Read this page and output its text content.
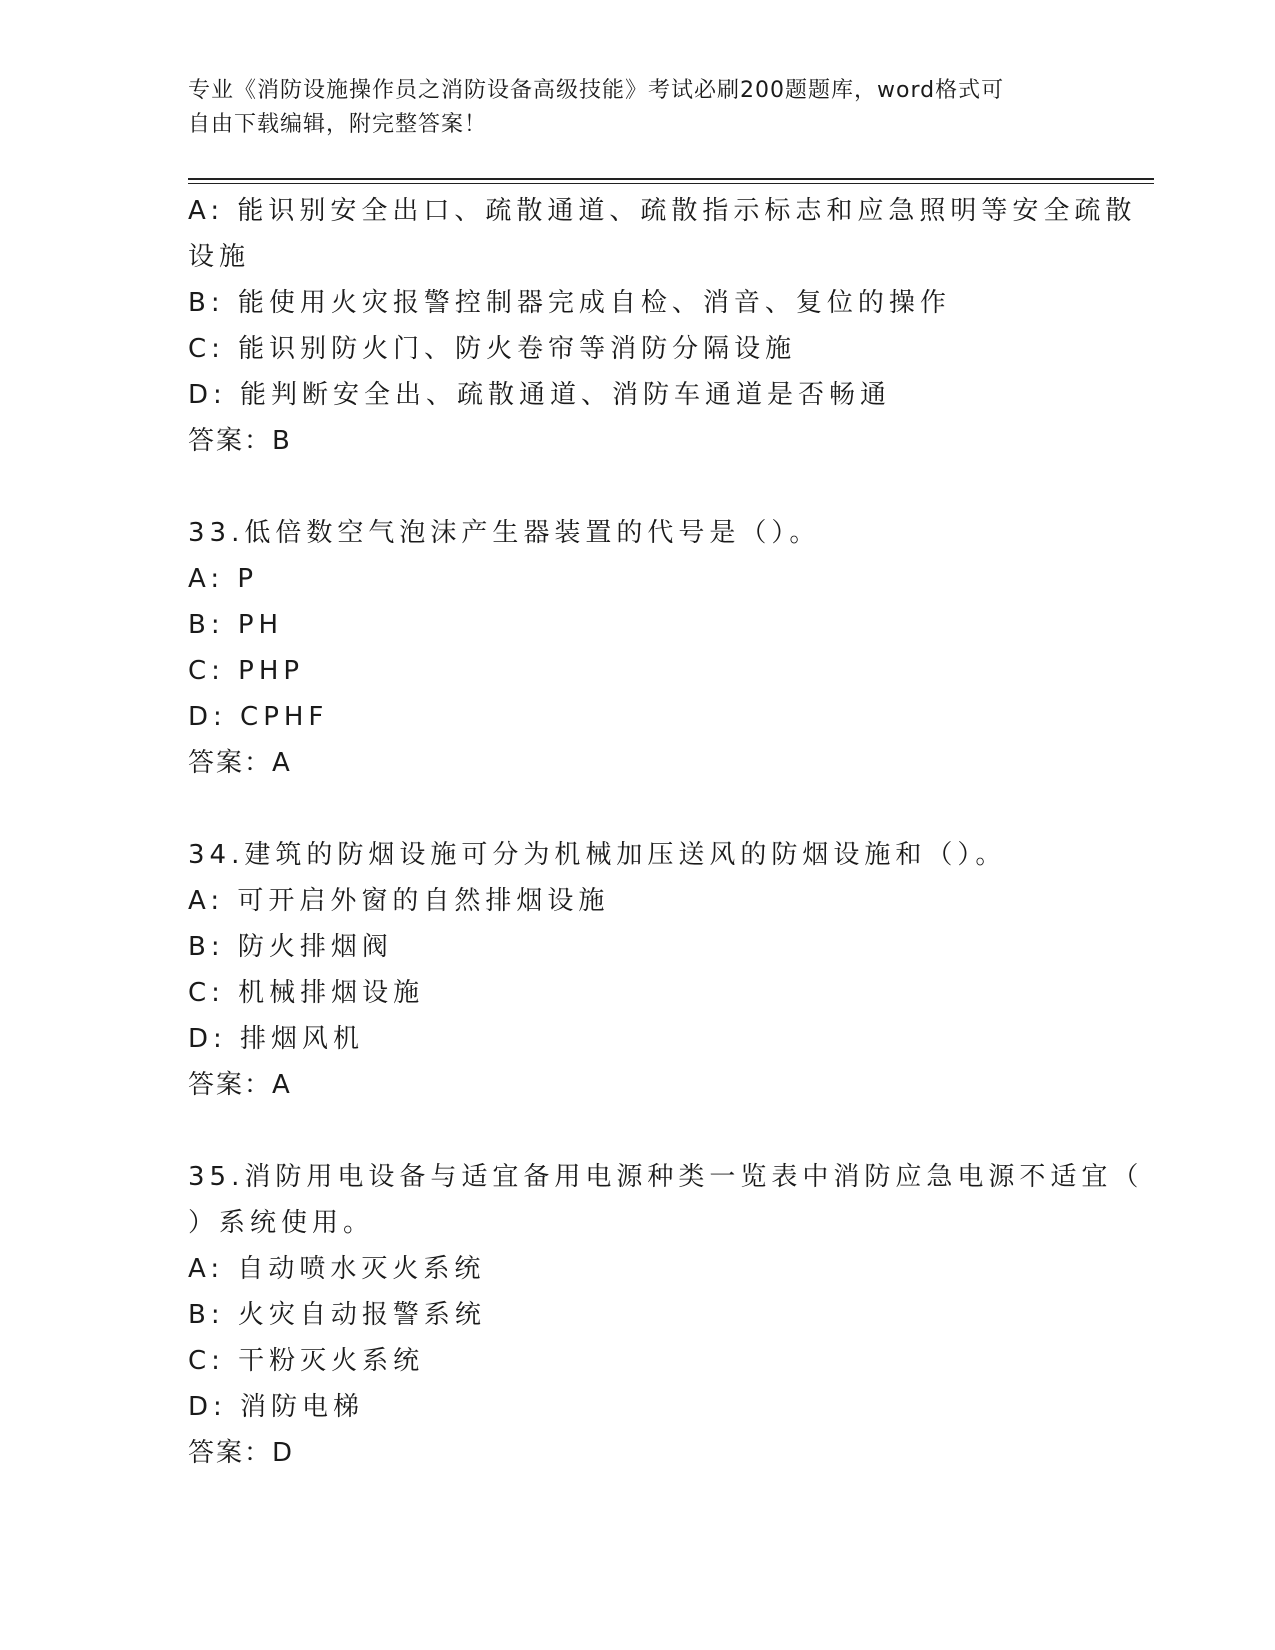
专业《消防设施操作员之消防设备高级技能》考试必刷200题题库，word格式可
自由下载编辑，附完整答案！
A: 能识别安全出口、疏散通道、疏散指示标志和应急照明等安全疏散
设施
B: 能使用火灾报警控制器完成自检、消音、复位的操作
C: 能识别防火门、防火卷帘等消防分隔设施
D: 能判断安全出、疏散通道、消防车通道是否畅通
答案：B
33.低倍数空气泡沫产生器装置的代号是（）。
A: P
B: PH
C: PHP
D: CPHF
答案：A
34.建筑的防烟设施可分为机械加压送风的防烟设施和（）。
A: 可开启外窗的自然排烟设施
B: 防火排烟阀
C: 机械排烟设施
D: 排烟风机
答案：A
35.消防用电设备与适宜备用电源种类一览表中消防应急电源不适宜（
）系统使用。
A: 自动喷水灭火系统
B: 火灾自动报警系统
C: 干粉灭火系统
D: 消防电梯
答案：D
